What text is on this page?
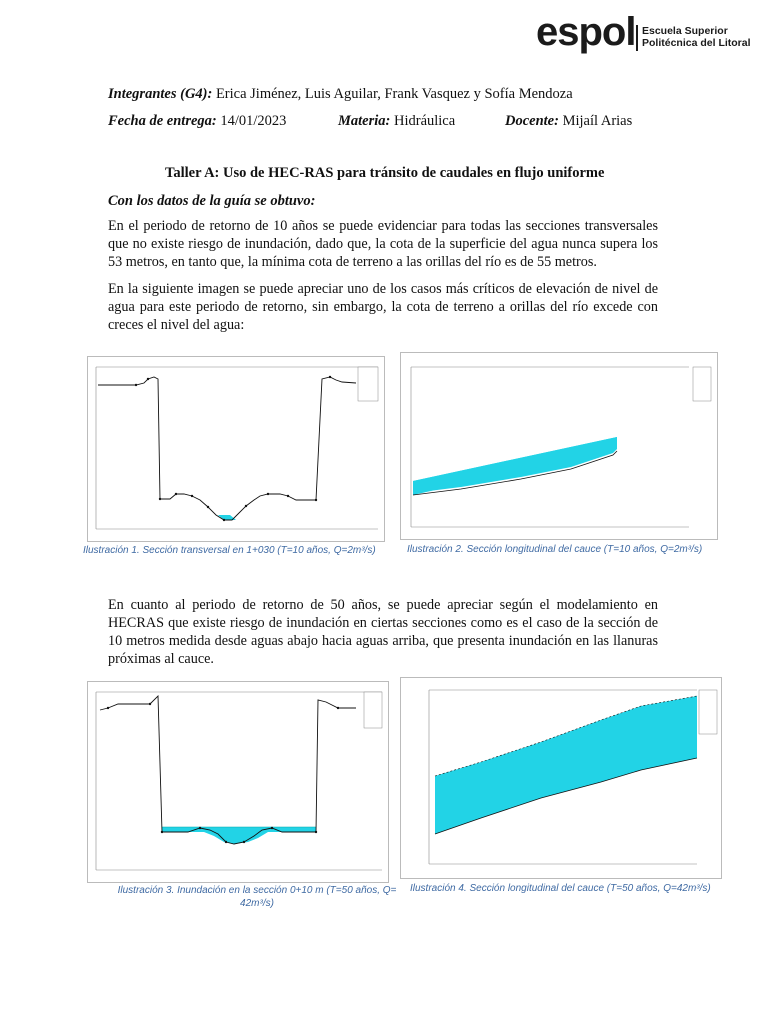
espol Escuela Superior
Politécnica del Litoral
Integrantes (G4): Erica Jiménez, Luis Aguilar, Frank Vasquez y Sofía Mendoza
Fecha de entrega: 14/01/2023	Materia: Hidráulica	Docente: Mijaíl Arias
Taller A: Uso de HEC-RAS para tránsito de caudales en flujo uniforme
Con los datos de la guía se obtuvo:
En el periodo de retorno de 10 años se puede evidenciar para todas las secciones transversales que no existe riesgo de inundación, dado que, la cota de la superficie del agua nunca supera los 53 metros, en tanto que, la mínima cota de terreno a las orillas del río es de 55 metros.
En la siguiente imagen se puede apreciar uno de los casos más críticos de elevación de nivel de agua para este periodo de retorno, sin embargo, la cota de terreno a orillas del río excede con creces el nivel del agua:
Ilustración 1. Sección transversal en 1+030 (T=10 años, Q=2m³/s)	Ilustración 2. Sección longitudinal del cauce (T=10 años, Q=2m³/s)
En cuanto al periodo de retorno de 50 años, se puede apreciar según el modelamiento en HECRAS que existe riesgo de inundación en ciertas secciones como es el caso de la sección de 10 metros medida desde aguas abajo hacia aguas arriba, que presenta inundación en las llanuras próximas al cauce.
Ilustración 3. Inundación en la sección 0+10 m (T=50 años, Q= 42m³/s)
Ilustración 4. Sección longitudinal del cauce (T=50 años, Q=42m³/s)
